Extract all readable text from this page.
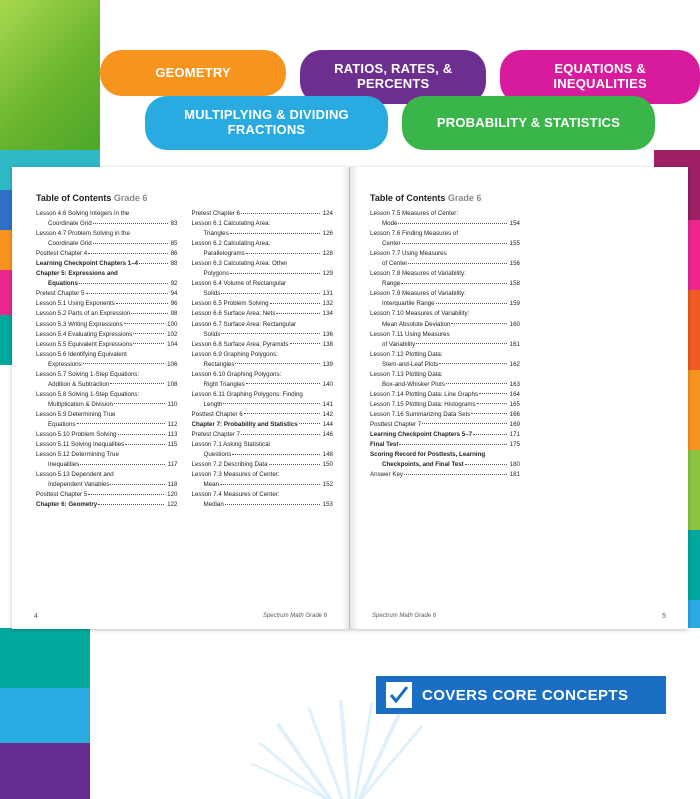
GEOMETRY	RATIOS, RATES, & PERCENTS
EQUATIONS & INEQUALITIES
MULTIPLYING & DIVIDING FRACTIONS	PROBABILITY & STATISTICS
Table of Contents Grade 6
Lesson 4.6 Solving Integers in the
Coordinate Grid	83
Lesson 4.7 Problem Solving in the
Coordinate Grid	85
Posttest Chapter 4	86
Learning Checkpoint Chapters 1–4	88
Chapter 5: Expressions and
Equations	92
Pretest Chapter 5	94
Lesson 5.1 Using Exponents	96
Lesson 5.2 Parts of an Expression	98
Lesson 5.3 Writing Expressions	100
Lesson 5.4 Evaluating Expressions	102
Lesson 5.5 Equivalent Expressions	104
Lesson 5.6 Identifying Equivalent
Expressions	106
Lesson 5.7 Solving 1-Step Equations:
Addition & Subtraction	108
Lesson 5.8 Solving 1-Step Equations:
Multiplication & Division	110
Lesson 5.9 Determining True
Equations	112
Lesson 5.10 Problem Solving	113
Lesson 5.11 Solving Inequalities	115
Lesson 5.12 Determining True
Inequalities	117
Lesson 5.13 Dependent and
Independent Variables	118
Posttest Chapter 5	120
Chapter 6: Geometry	122
Pretest Chapter 6	124
Lesson 6.1 Calculating Area:
Triangles	126
Lesson 6.2 Calculating Area:
Parallelograms	128
Lesson 6.3 Calculating Area: Other
Polygons	129
Lesson 6.4 Volume of Rectangular
Solids	131
Lesson 6.5 Problem Solving	132
Lesson 6.6 Surface Area: Nets	134
Lesson 6.7 Surface Area: Rectangular
Solids	136
Lesson 6.8 Surface Area: Pyramids	138
Lesson 6.9 Graphing Polygons:
Rectangles	139
Lesson 6.10 Graphing Polygons:
Right Triangles	140
Lesson 6.11 Graphing Polygons: Finding
Length	141
Posttest Chapter 6	142
Chapter 7: Probability and Statistics	144
Pretest Chapter 7	146
Lesson 7.1 Asking Statistical
Questions	148
Lesson 7.2 Describing Data	150
Lesson 7.3 Measures of Center:
Mean	152
Lesson 7.4 Measures of Center:
Median	153
4	Spectrum Math Grade 6
Table of Contents Grade 6
Lesson 7.5 Measures of Center:
Mode	154
Lesson 7.6 Finding Measures of
Center	155
Lesson 7.7 Using Measures
of Center	156
Lesson 7.8 Measures of Variability:
Range	158
Lesson 7.9 Measures of Variability:
Interquartile Range	159
Lesson 7.10 Measures of Variability:
Mean Absolute Deviation	160
Lesson 7.11 Using Measures
of Variability	161
Lesson 7.12 Plotting Data:
Stem-and-Leaf Plots	162
Lesson 7.13 Plotting Data:
Box-and-Whisker Plots	163
Lesson 7.14 Plotting Data: Line Graphs	164
Lesson 7.15 Plotting Data: Histograms	165
Lesson 7.16 Summarizing Data Sets	166
Posttest Chapter 7	169
Learning Checkpoint Chapters 5–7	171
Final Test	175
Scoring Record for Posttests, Learning
Checkpoints, and Final Test	180
Answer Key	181
Spectrum Math Grade 6	5
COVERS CORE CONCEPTS
